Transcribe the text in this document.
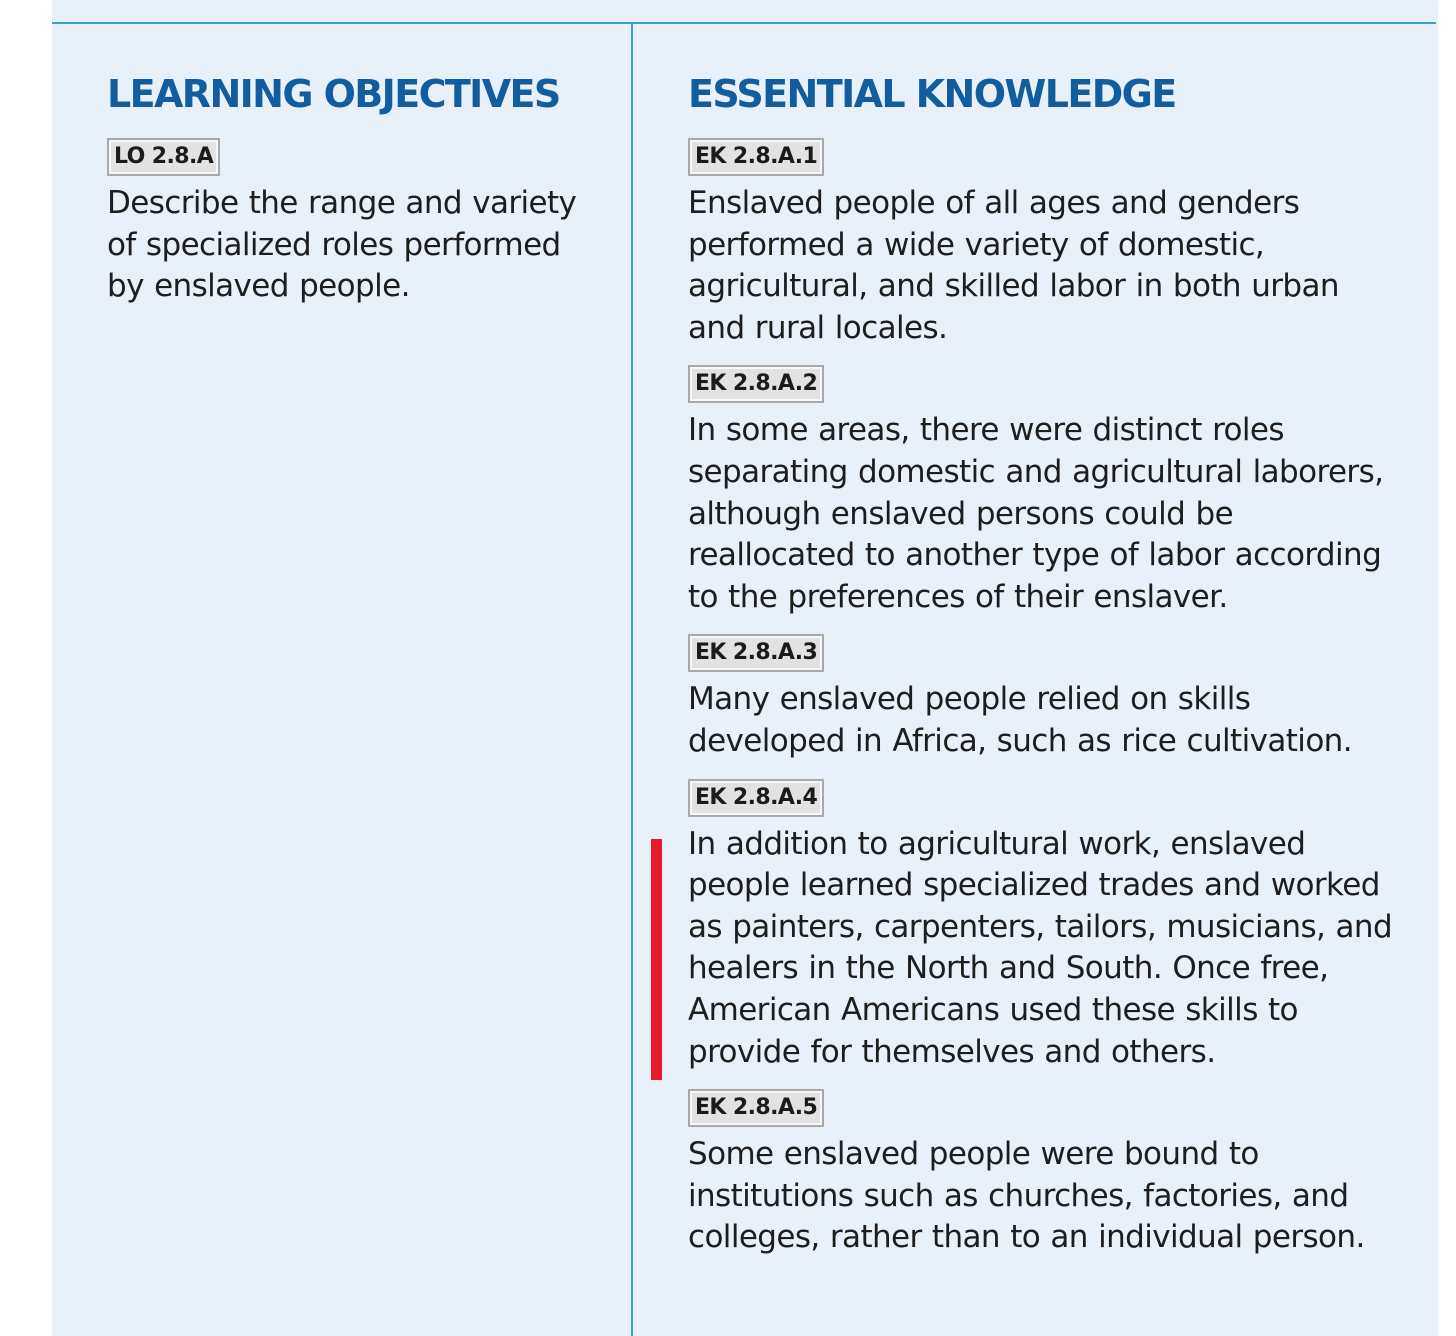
LEARNING OBJECTIVES
LO 2.8.A

Describe the range and variety of specialized roles performed by enslaved people.

ESSENTIAL KNOWLEDGE
EK 2.8.A.1

Enslaved people of all ages and genders performed a wide variety of domestic, agricultural, and skilled labor in both urban and rural locales.

EK 2.8.A.2

In some areas, there were distinct roles separating domestic and agricultural laborers, although enslaved persons could be reallocated to another type of labor according to the preferences of their enslaver.

EK 2.8.A.3

Many enslaved people relied on skills developed in Africa, such as rice cultivation.

EK 2.8.A.4

In addition to agricultural work, enslaved people learned specialized trades and worked as painters, carpenters, tailors, musicians, and healers in the North and South. Once free, American Americans used these skills to provide for themselves and others.

EK 2.8.A.5

Some enslaved people were bound to institutions such as churches, factories, and colleges, rather than to an individual person.
